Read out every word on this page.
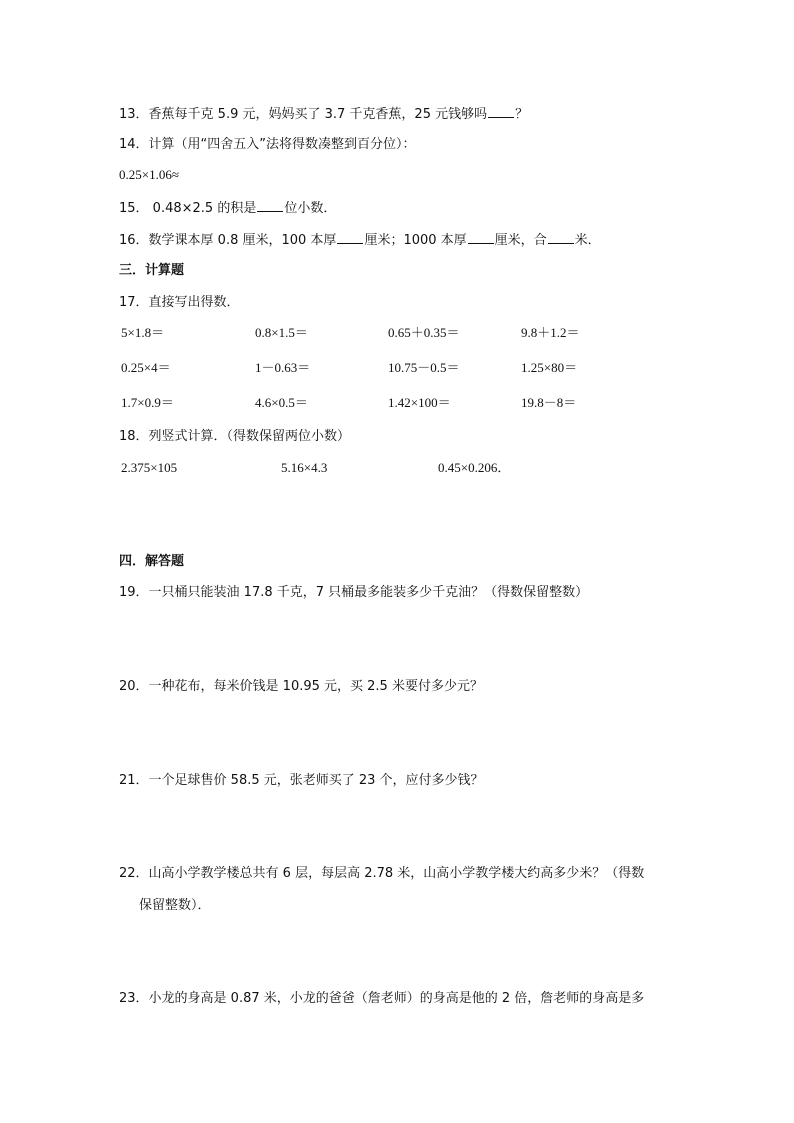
13．香蕉每千克 5.9 元，妈妈买了 3.7 千克香蕉，25 元钱够吗 ？
14．计算（用“四舍五入”法将得数凑整到百分位）：
0.25×1.06≈
15． 0.48×2.5 的积是 位小数．
16．数学课本厚 0.8 厘米，100 本厚 厘米；1000 本厚 厘米，合 米．
三．计算题
17．直接写出得数．
5×1.8＝	0.8×1.5＝	0.65＋0.35＝	9.8＋1.2＝
0.25×4＝	1－0.63＝	10.75－0.5＝	1.25×80＝
1.7×0.9＝	4.6×0.5＝	1.42×100＝	19.8－8＝
18．列竖式计算．（得数保留两位小数）
2.375×105	5.16×4.3	0.45×0.206．
四．解答题
19．一只桶只能装油 17.8 千克，7 只桶最多能装多少千克油？（得数保留整数）
20．一种花布，每米价钱是 10.95 元，买 2.5 米要付多少元？
21．一个足球售价 58.5 元，张老师买了 23 个，应付多少钱？
22．山高小学教学楼总共有 6 层，每层高 2.78 米，山高小学教学楼大约高多少米？（得数
保留整数）．
23．小龙的身高是 0.87 米，小龙的爸爸（詹老师）的身高是他的 2 倍，詹老师的身高是多
